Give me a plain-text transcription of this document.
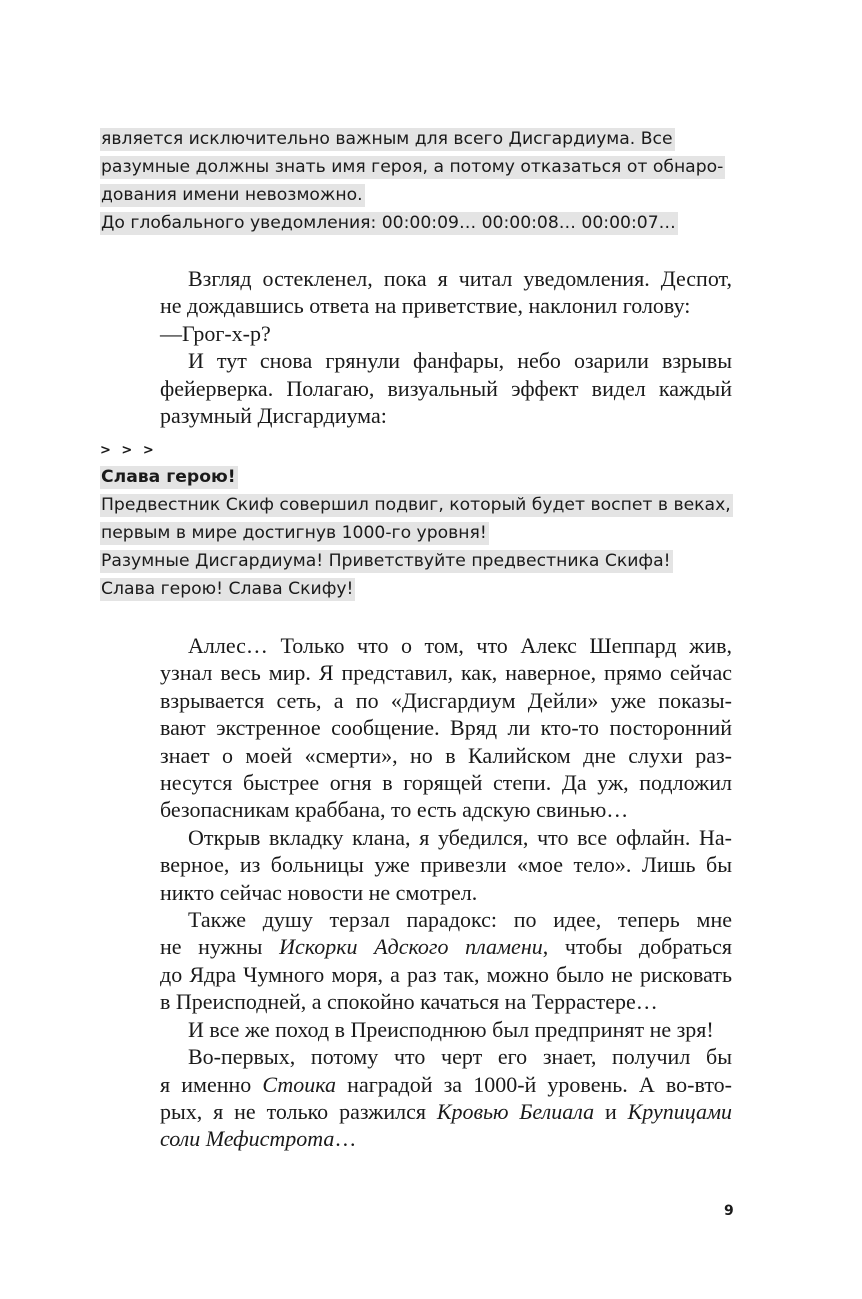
является исключительно важным для всего Дисгардиума. Все
разумные должны знать имя героя, а потому отказаться от обнаро-
дования имени невозможно.
До глобального уведомления: 00:00:09… 00:00:08… 00:00:07…
Взгляд остекленел, пока я читал уведомления. Деспот,
не дождавшись ответа на приветствие, наклонил голову:
—Грог-х-р?
И тут снова грянули фанфары, небо озарили взрывы
фейерверка. Полагаю, визуальный эффект видел каждый
разумный Дисгардиума:
> > >
Слава герою!
Предвестник Скиф совершил подвиг, который будет воспет в веках,
первым в мире достигнув 1000-го уровня!
Разумные Дисгардиума! Приветствуйте предвестника Скифа!
Слава герою! Слава Скифу!
Аллес… Только что о том, что Алекс Шеппард жив,
узнал весь мир. Я представил, как, наверное, прямо сейчас
взрывается сеть, а по «Дисгардиум Дейли» уже показы-
вают экстренное сообщение. Вряд ли кто-то посторонний
знает о моей «смерти», но в Калийском дне слухи раз-
несутся быстрее огня в горящей степи. Да уж, подложил
безопасникам краббана, то есть адскую свинью…
Открыв вкладку клана, я убедился, что все офлайн. На-
верное, из больницы уже привезли «мое тело». Лишь бы
никто сейчас новости не смотрел.
Также душу терзал парадокс: по идее, теперь мне
не нужны Искорки Адского пламени, чтобы добраться
до Ядра Чумного моря, а раз так, можно было не рисковать
в Преисподней, а спокойно качаться на Террастере…
И все же поход в Преисподнюю был предпринят не зря!
Во-первых, потому что черт его знает, получил бы
я именно Стоика наградой за 1000-й уровень. А во-вто-
рых, я не только разжился Кровью Белиала и Крупицами
соли Мефистрота…
9
